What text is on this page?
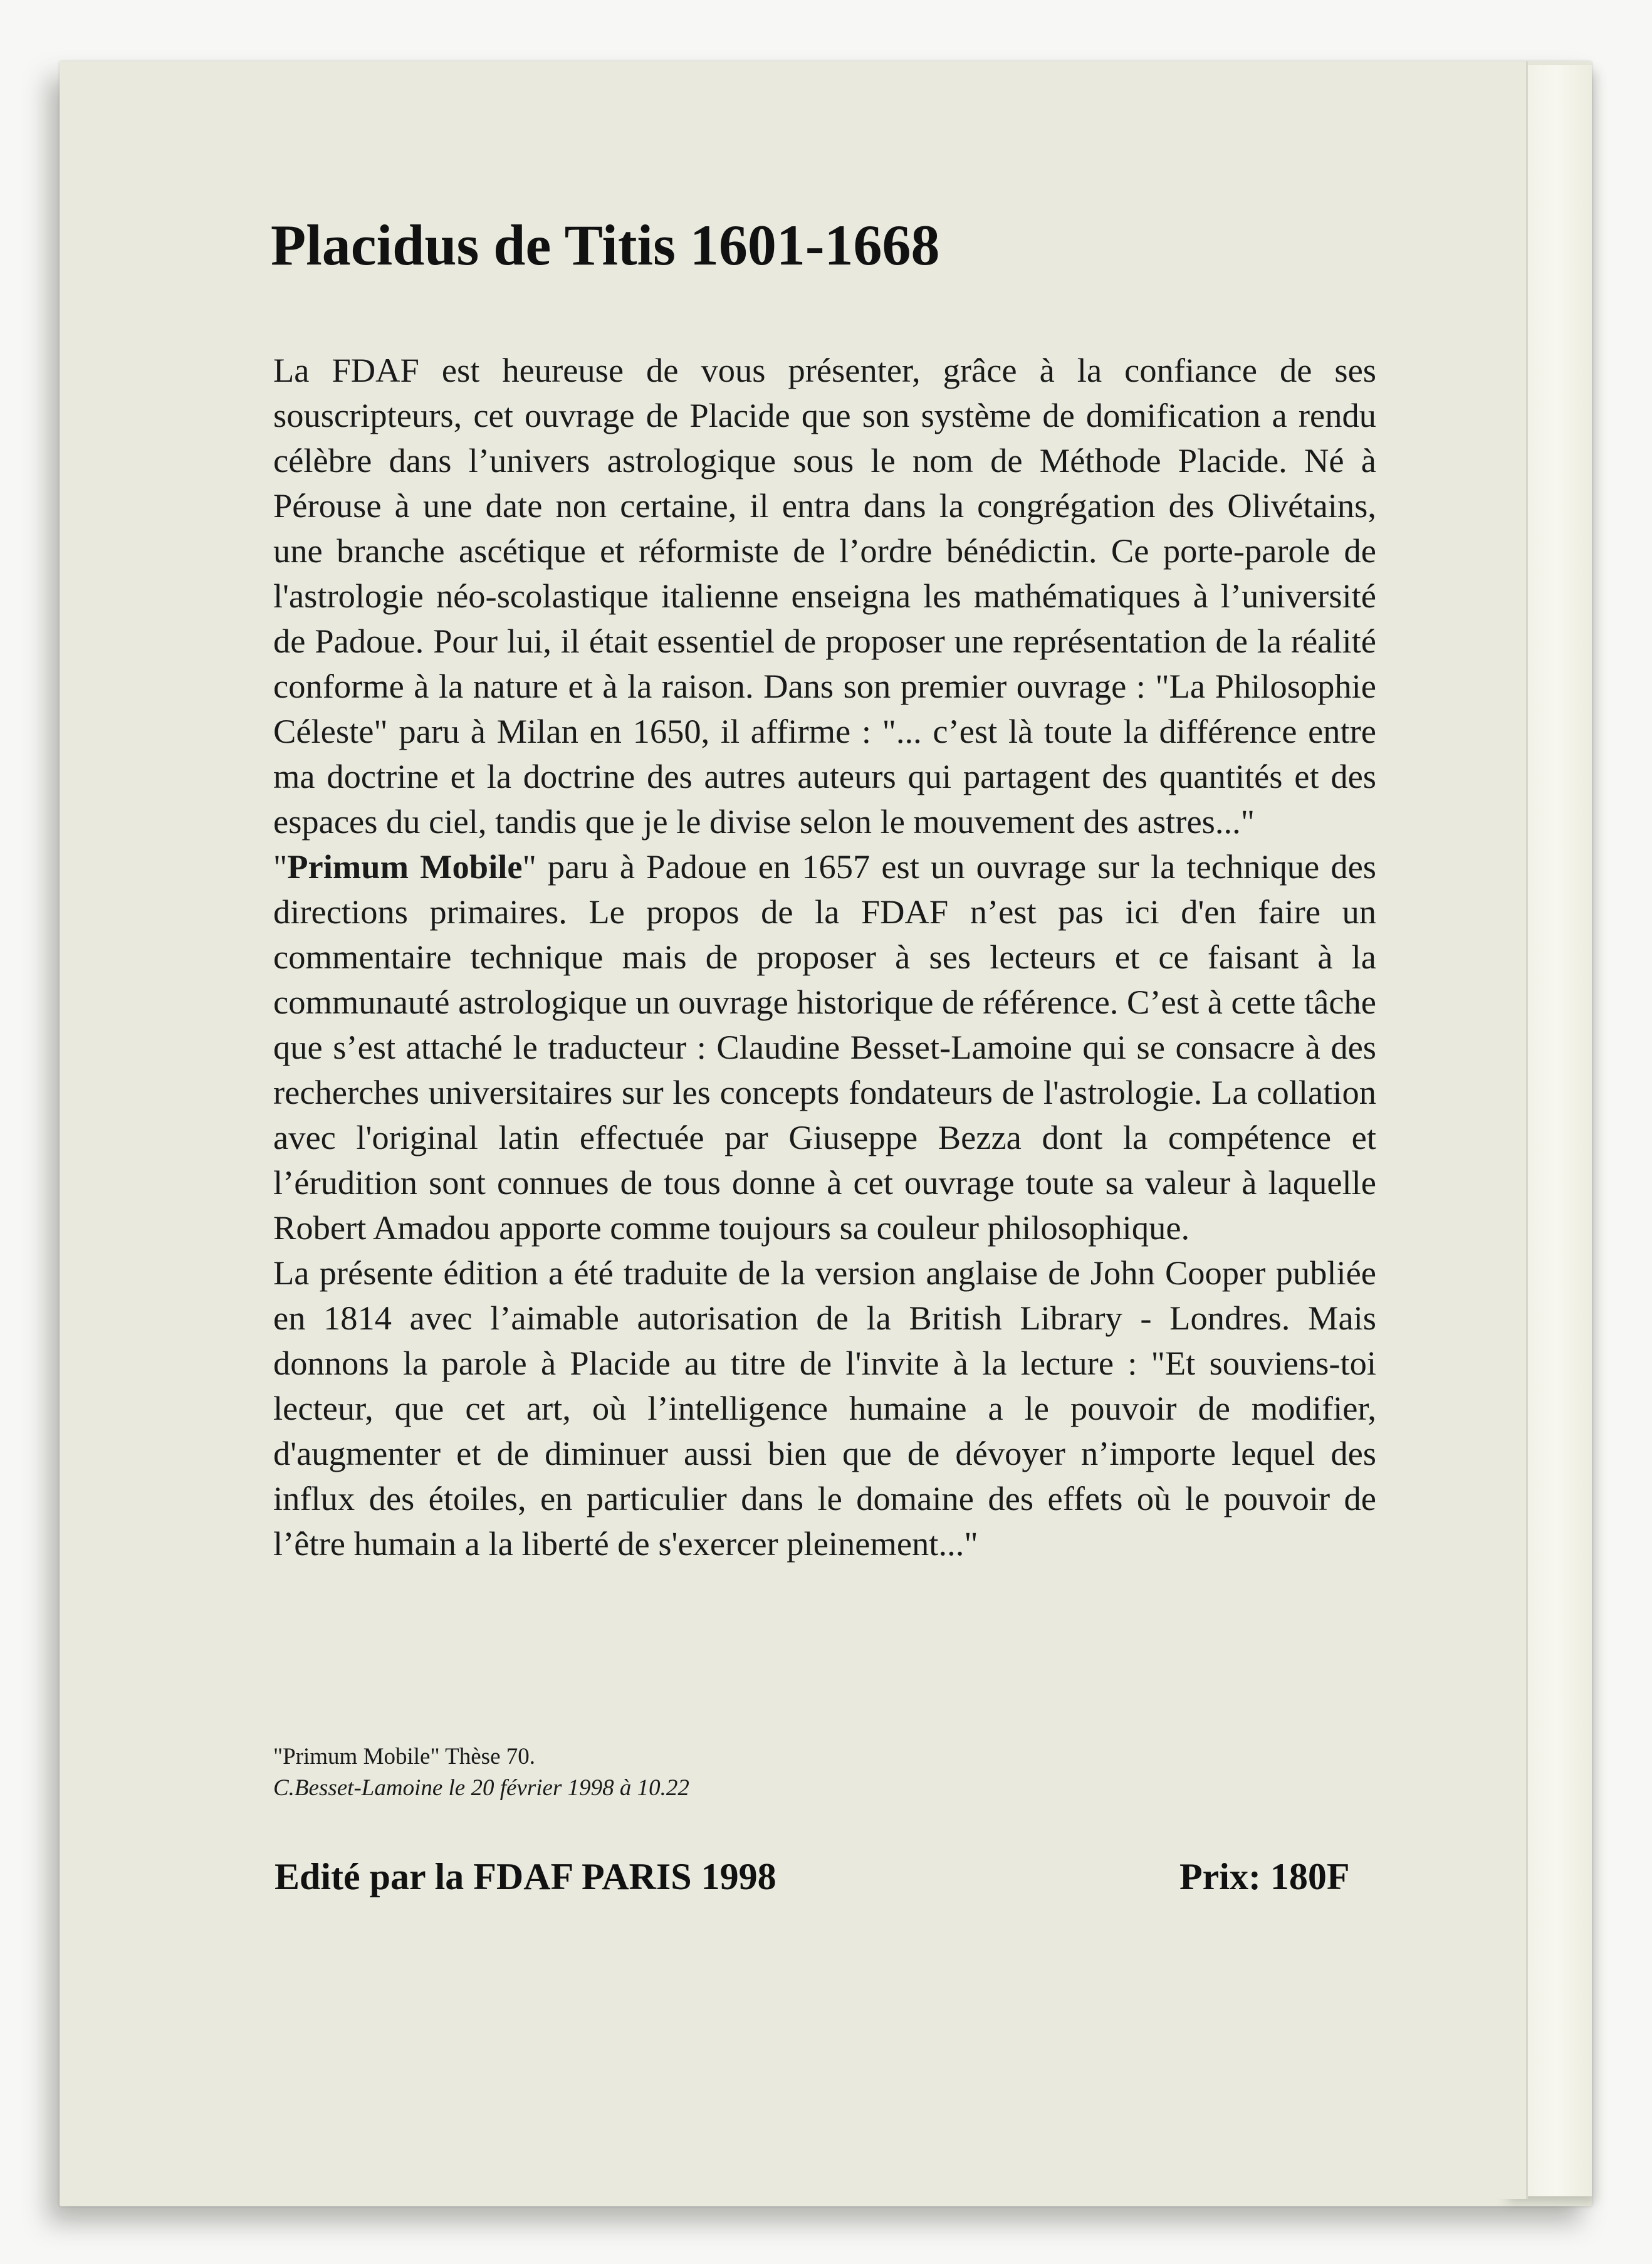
Placidus de Titis 1601-1668

La FDAF est heureuse de vous présenter, grâce à la confiance de ses souscripteurs, cet ouvrage de Placide que son système de domification a rendu célèbre dans l’univers astrologique sous le nom de Méthode Placide. Né à Pérouse à une date non certaine, il entra dans la congrégation des Olivétains, une branche ascétique et réformiste de l’ordre bénédictin. Ce porte-parole de l'astrologie néo-scolastique italienne enseigna les mathématiques à l’université de Padoue. Pour lui, il était essentiel de proposer une représentation de la réalité conforme à la nature et à la raison. Dans son premier ouvrage : "La Philosophie Céleste" paru à Milan en 1650, il affirme : "... c’est là toute la différence entre ma doctrine et la doctrine des autres auteurs qui partagent des quantités et des espaces du ciel, tandis que je le divise selon le mouvement des astres..."

"Primum Mobile" paru à Padoue en 1657 est un ouvrage sur la technique des directions primaires. Le propos de la FDAF n’est pas ici d'en faire un commentaire technique mais de proposer à ses lecteurs et ce faisant à la communauté astrologique un ouvrage historique de référence. C’est à cette tâche que s’est attaché le traducteur : Claudine Besset-Lamoine qui se consacre à des recherches universitaires sur les concepts fondateurs de l'astrologie. La collation avec l'original latin effectuée par Giuseppe Bezza dont la compétence et l’érudition sont connues de tous donne à cet ouvrage toute sa valeur à laquelle Robert Amadou apporte comme toujours sa couleur philosophique.

La présente édition a été traduite de la version anglaise de John Cooper publiée en 1814 avec l’aimable autorisation de la British Library - Londres. Mais donnons la parole à Placide au titre de l'invite à la lecture : "Et souviens-toi lecteur, que cet art, où l’intelligence humaine a le pouvoir de modifier, d'augmenter et de diminuer aussi bien que de dévoyer n’importe lequel des influx des étoiles, en particulier dans le domaine des effets où le pouvoir de l’être humain a la liberté de s'exercer pleinement..."

"Primum Mobile" Thèse 70.
C.Besset-Lamoine le 20 février 1998 à 10.22
Edité par la FDAF PARIS 1998	Prix: 180F
